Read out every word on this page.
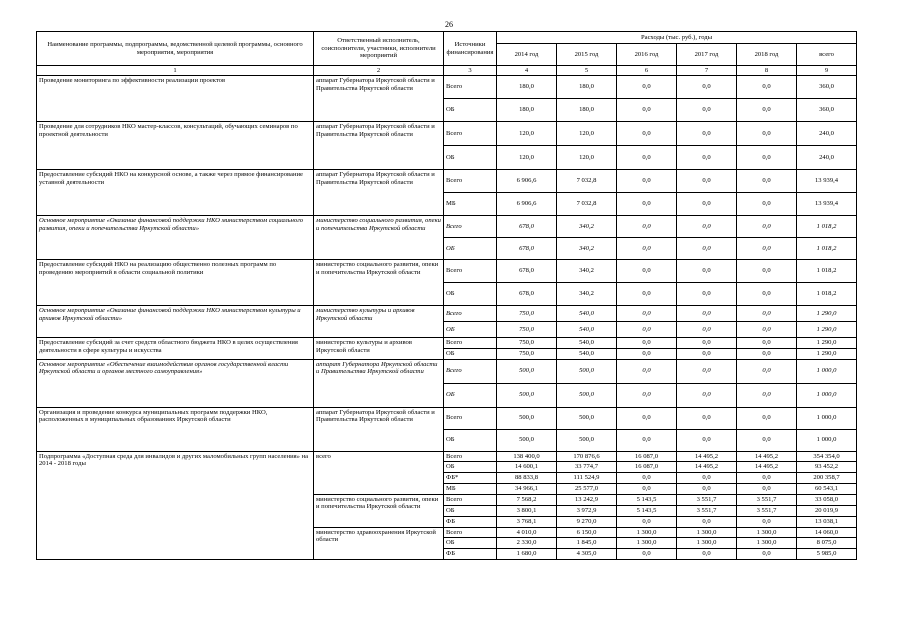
26
Наименование программы, подпрограммы, ведомственной целевой программы, основного мероприятия, мероприятия	Ответственный исполнитель, соисполнители, участники, исполнители мероприятий	Источники финансирования	Расходы (тыс. руб.), годы					
			2014 год	2015 год	2016 год	2017 год	2018 год	всего
1	2	3	4	5	6	7	8	9
Проведение мониторинга по эффективности реализации проектов	аппарат Губернатора Иркутской области и Правительства Иркутской области	Всего	180,0	180,0	0,0	0,0	0,0	360,0
		ОБ	180,0	180,0	0,0	0,0	0,0	360,0
Проведение для сотрудников НКО мастер-классов, консультаций, обучающих семинаров по проектной деятельности	аппарат Губернатора Иркутской области и Правительства Иркутской области	Всего	120,0	120,0	0,0	0,0	0,0	240,0
		ОБ	120,0	120,0	0,0	0,0	0,0	240,0
Предоставление субсидий НКО на конкурсной основе, а также через прямое финансирование уставной деятельности	аппарат Губернатора Иркутской области и Правительства Иркутской области	Всего	6 906,6	7 032,8	0,0	0,0	0,0	13 939,4
		МБ	6 906,6	7 032,8	0,0	0,0	0,0	13 939,4
Основное мероприятие «Оказание финансовой поддержки НКО министерством социального развития, опеки и попечительства Иркутской области»	министерство социального развития, опеки и попечительства Иркутской области	Всего	678,0	340,2	0,0	0,0	0,0	1 018,2
		ОБ	678,0	340,2	0,0	0,0	0,0	1 018,2
Предоставление субсидий НКО на реализацию общественно полезных программ по проведению мероприятий в области социальной политики	министерство социального развития, опеки и попечительства Иркутской области	Всего	678,0	340,2	0,0	0,0	0,0	1 018,2
		ОБ	678,0	340,2	0,0	0,0	0,0	1 018,2
Основное мероприятие «Оказание финансовой поддержки НКО министерством культуры и архивов Иркутской области»	министерство культуры и архивов Иркутской области	Всего	750,0	540,0	0,0	0,0	0,0	1 290,0
		ОБ	750,0	540,0	0,0	0,0	0,0	1 290,0
Предоставление субсидий за счет средств областного бюджета НКО в целях осуществления деятельности в сфере культуры и искусства	министерство культуры и архивов Иркутской области	Всего	750,0	540,0	0,0	0,0	0,0	1 290,0
		ОБ	750,0	540,0	0,0	0,0	0,0	1 290,0
Основное мероприятие «Обеспечение взаимодействия органов государственной власти Иркутской области и органов местного самоуправления»	аппарат Губернатора Иркутской области и Правительства Иркутской области	Всего	500,0	500,0	0,0	0,0	0,0	1 000,0
		ОБ	500,0	500,0	0,0	0,0	0,0	1 000,0
Организация и проведение конкурса муниципальных программ поддержки НКО, расположенных в муниципальных образованиях Иркутской области	аппарат Губернатора Иркутской области и Правительства Иркутской области	Всего	500,0	500,0	0,0	0,0	0,0	1 000,0
		ОБ	500,0	500,0	0,0	0,0	0,0	1 000,0
Подпрограмма «Доступная среда для инвалидов и других маломобильных групп населения» на 2014 - 2018 годы	всего	Всего	138 400,0	170 876,6	16 087,0	14 495,2	14 495,2	354 354,0
		ОБ	14 600,1	33 774,7	16 087,0	14 495,2	14 495,2	93 452,2
		ФБ*	88 833,8	111 524,9	0,0	0,0	0,0	200 358,7
		МБ	34 966,1	25 577,0	0,0	0,0	0,0	60 543,1
	министерство социального развития, опеки и попечительства Иркутской области	Всего	7 568,2	13 242,9	5 143,5	3 551,7	3 551,7	33 058,0
		ОБ	3 800,1	3 972,9	5 143,5	3 551,7	3 551,7	20 019,9
		ФБ	3 768,1	9 270,0	0,0	0,0	0,0	13 038,1
	министерство здравоохранения Иркутской области	Всего	4 010,0	6 150,0	1 300,0	1 300,0	1 300,0	14 060,0
		ОБ	2 330,0	1 845,0	1 300,0	1 300,0	1 300,0	8 075,0
		ФБ	1 680,0	4 305,0	0,0	0,0	0,0	5 985,0
